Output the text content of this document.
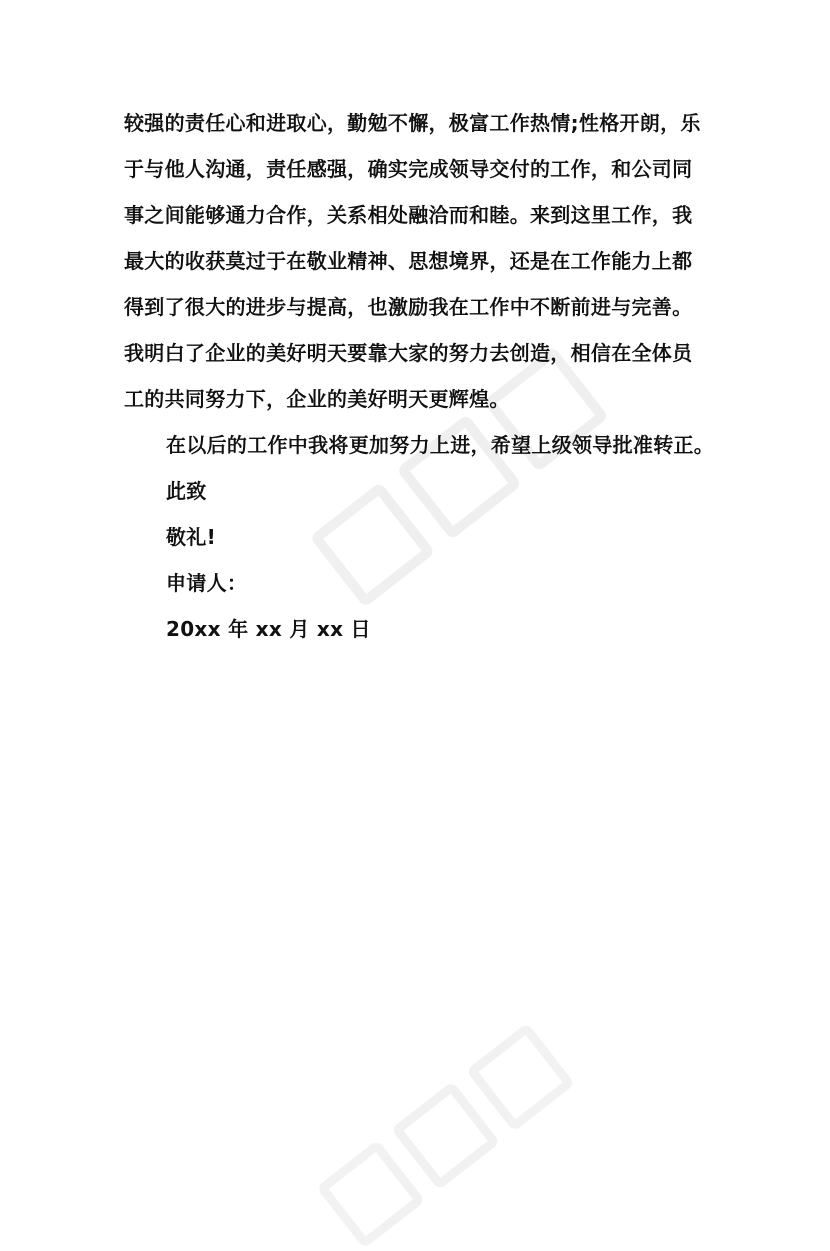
较强的责任心和进取心，勤勉不懈，极富工作热情;性格开朗，乐
于与他人沟通，责任感强，确实完成领导交付的工作，和公司同
事之间能够通力合作，关系相处融洽而和睦。来到这里工作，我
最大的收获莫过于在敬业精神、思想境界，还是在工作能力上都
得到了很大的进步与提高，也激励我在工作中不断前进与完善。
我明白了企业的美好明天要靠大家的努力去创造，相信在全体员
工的共同努力下，企业的美好明天更辉煌。
在以后的工作中我将更加努力上进，希望上级领导批准转正。
此致
敬礼!
申请人：
20xx 年 xx 月 xx 日
